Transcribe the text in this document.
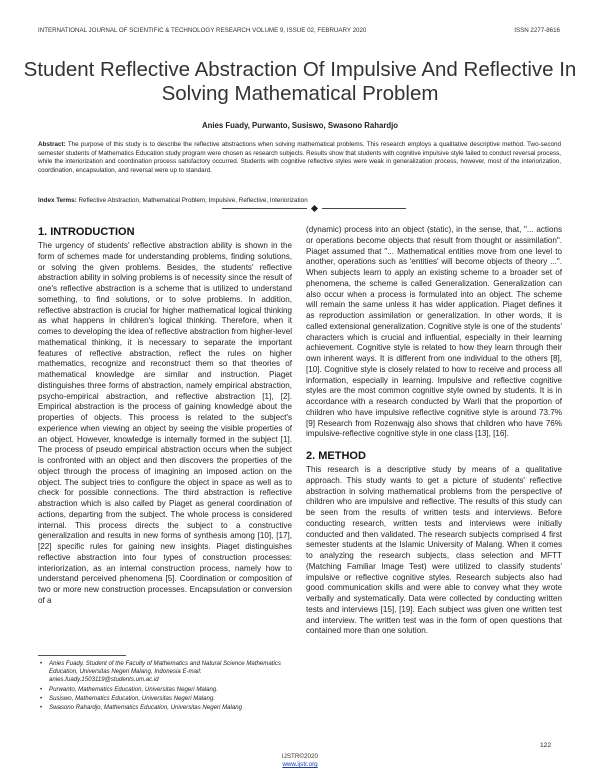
INTERNATIONAL JOURNAL OF SCIENTIFIC & TECHNOLOGY RESEARCH VOLUME 9, ISSUE 02, FEBRUARY 2020	ISSN 2277-8616
Student Reflective Abstraction Of Impulsive And Reflective In Solving Mathematical Problem
Anies Fuady, Purwanto, Susiswo, Swasono Rahardjo
Abstract: The purpose of this study is to describe the reflective abstractions when solving mathematical problems. This research employs a qualitative descriptive method. Two-second semester students of Mathematics Education study program were chosen as research subjects. Results show that students with cognitive impulsive style failed to conduct reversal process, while the interiorization and coordination process satisfactory occurred. Students with cognitive reflective styles were weak in generalization process, however, most of the interiorization, coordination, encapsulation, and reversal were up to standard.
Index Terms: Reflective Abstraction, Mathematical Problem, Impulsive, Reflective, Interiorization
1. INTRODUCTION

The urgency of students' reflective abstraction ability is shown in the form of schemes made for understanding problems, finding solutions, or solving the given problems. Besides, the students' reflective abstraction ability in solving problems is of necessity since the result of one's reflective abstraction is a scheme that is utilized to understand something, to find solutions, or to solve problems. In addition, reflective abstraction is crucial for higher mathematical logical thinking as what happens in children's logical thinking. Therefore, when it comes to developing the idea of reflective abstraction from higher-level mathematical thinking, it is necessary to separate the important features of reflective abstraction, reflect the rules on higher mathematics, recognize and reconstruct them so that theories of mathematical knowledge are similar and instruction. Piaget distinguishes three forms of abstraction, namely empirical abstraction, psycho-empirical abstraction, and reflective abstraction [1], [2]. Empirical abstraction is the process of gaining knowledge about the properties of objects. This process is related to the subject's experience when viewing an object by seeing the visible properties of an object. However, knowledge is internally formed in the subject [1]. The process of pseudo empirical abstraction occurs when the subject is confronted with an object and then discovers the properties of the object through the process of imagining an imposed action on the object. The subject tries to configure the object in space as well as to check for possible connections. The third abstraction is reflective abstraction which is also called by Piaget as general coordination of actions, departing from the subject. The whole process is considered internal. This process directs the subject to a constructive generalization and results in new forms of synthesis among [10], [17], [22] specific rules for gaining new insights. Piaget distinguishes reflective abstraction into four types of construction processes: interiorization, as an internal construction process, namely how to understand perceived phenomena [5]. Coordination or composition of two or more new construction processes. Encapsulation or conversion of a

(dynamic) process into an object (static), in the sense, that, "... actions or operations become objects that result from thought or assimilation". Piaget assumed that "... Mathematical entities move from one level to another, operations such as 'entities' will become objects of theory ...". When subjects learn to apply an existing scheme to a broader set of phenomena, the scheme is called Generalization. Generalization can also occur when a process is formulated into an object. The scheme will remain the same unless it has wider application. Piaget defines it as reproduction assimilation or generalization. In other words, it is called extensional generalization. Cognitive style is one of the students' characters which is crucial and influential, especially in their learning achievement. Cognitive style is related to how they learn through their own inherent ways. It is different from one individual to the others [8], [10]. Cognitive style is closely related to how to receive and process all information, especially in learning. Impulsive and reflective cognitive styles are the most common cognitive style owned by students. It is in accordance with a research conducted by Warli that the proportion of children who have impulsive reflective cognitive style is around 73.7% [9] Research from Rozenwajg also shows that children who have 76% impulsive-reflective cognitive style in one class [13], [16].

2. METHOD

This research is a descriptive study by means of a qualitative approach. This study wants to get a picture of students' reflective abstraction in solving mathematical problems from the perspective of children who are impulsive and reflective. The results of this study can be seen from the results of written tests and interviews. Before conducting research, written tests and interviews were initially conducted and then validated. The research subjects comprised 4 first semester students at the Islamic University of Malang. When it comes to analyzing the research subjects, class selection and MFTT (Matching Familiar Image Test) were utilized to classify students' impulsive or reflective cognitive styles. Research subjects also had good communication skills and were able to convey what they wrote verbally and systematically. Data were collected by conducting written tests and interviews [15], [19]. Each subject was given one written test and interview. The written test was in the form of open questions that contained more than one solution.

• Anies Fuady, Student of the Faculty of Mathematics and Natural Science Mathematics Education, Universitas Negeri Malang, Indonesia E-mail: anies.fuady.1503119@students.um.ac.id
• Purwanto, Mathematics Education, Universitas Negeri Malang.
• Susiswo, Mathematics Education, Universitas Negeri Malang.
• Swasono Rahardjo, Mathematics Education, Universitas Negeri Malang
122
IJSTR©2020
www.ijstr.org
